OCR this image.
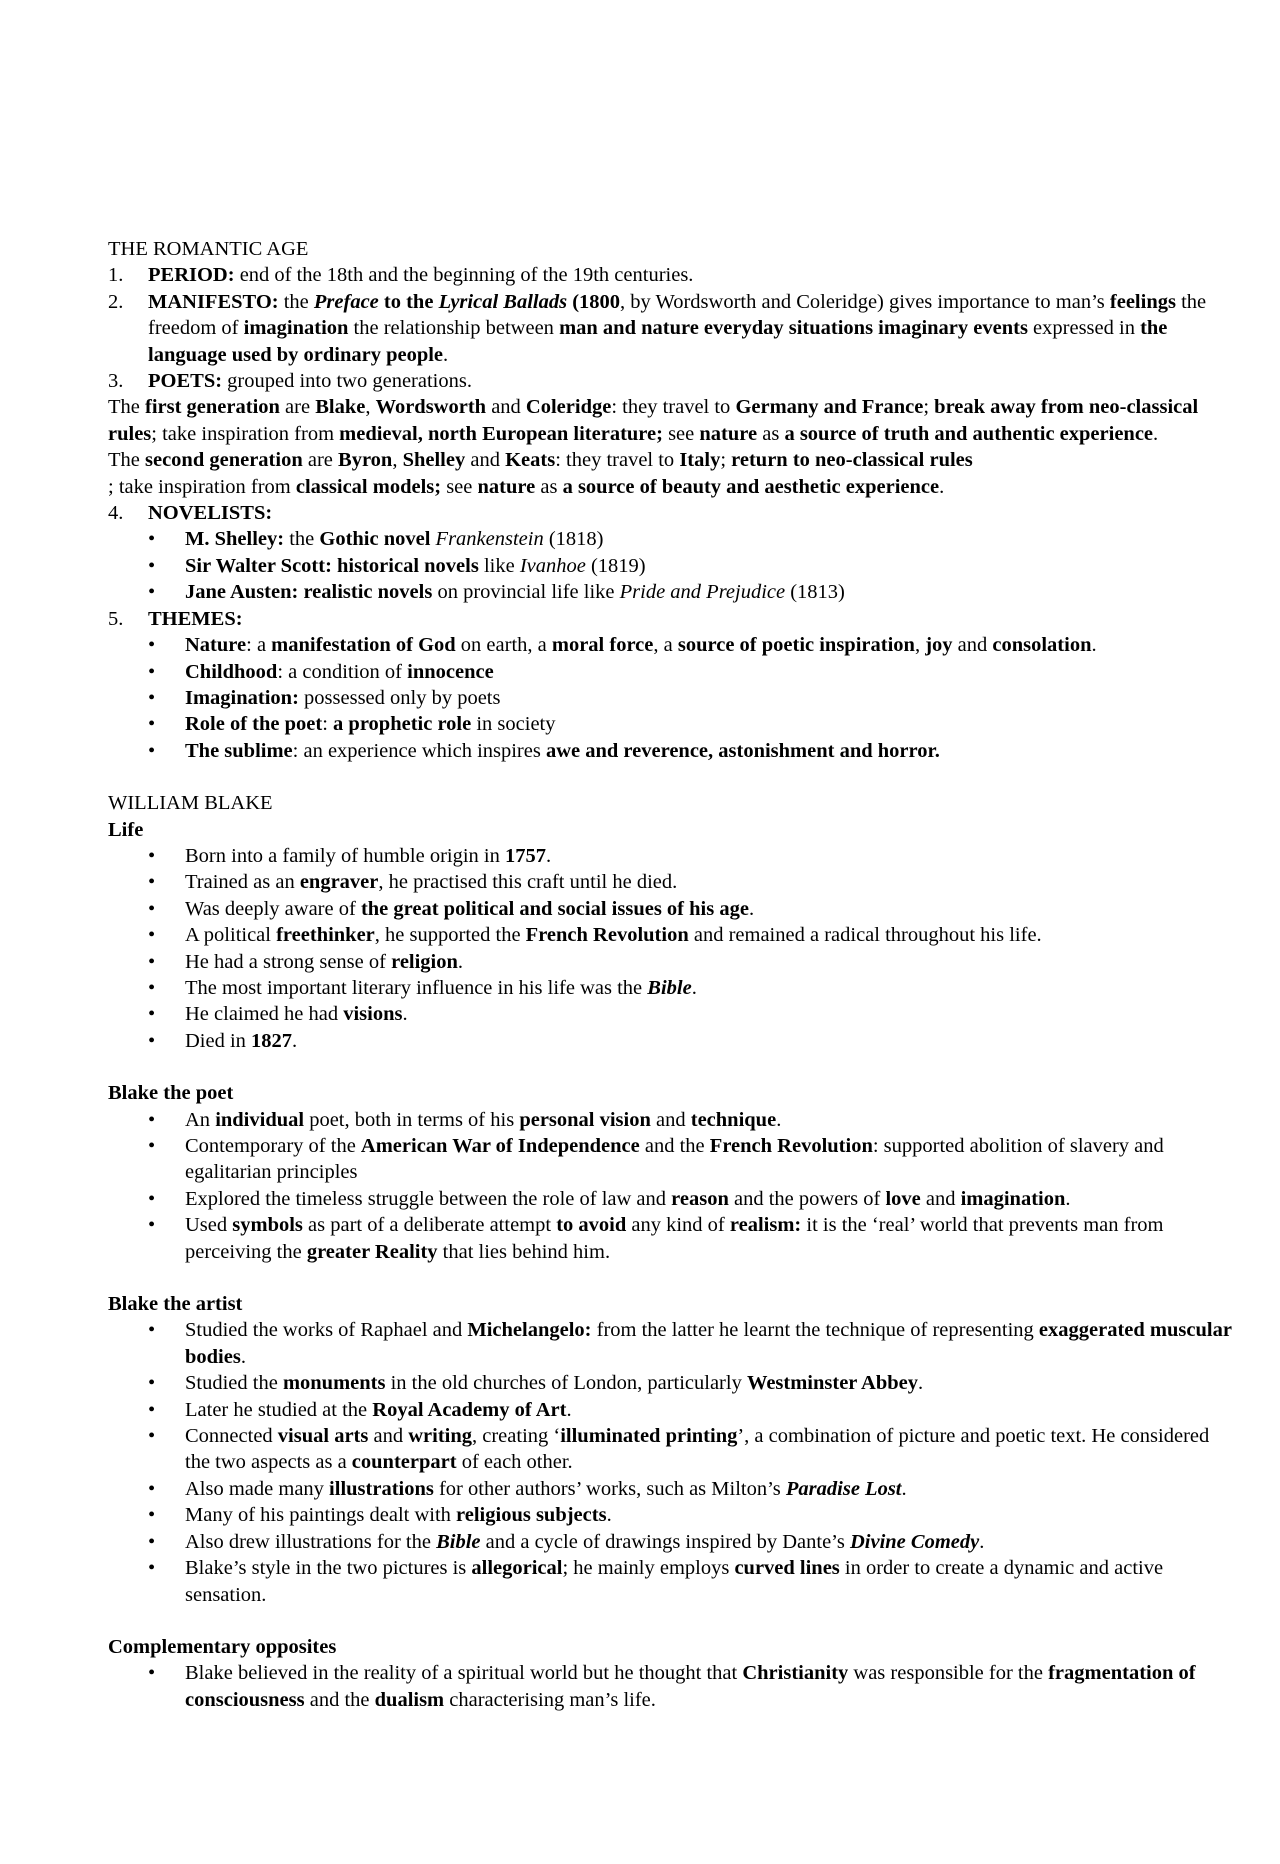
THE ROMANTIC AGE

1.	PERIOD: end of the 18th and the beginning of the 19th centuries.

2.	MANIFESTO: the Preface to the Lyrical Ballads (1800, by Wordsworth and Coleridge) gives importance to man’s feelings the freedom of imagination the relationship between man and nature everyday situations imaginary events expressed in the language used by ordinary people.

3.	POETS: grouped into two generations.

The first generation are Blake, Wordsworth and Coleridge: they travel to Germany and France; break away from neo-classical rules; take inspiration from medieval, north European literature; see nature as a source of truth and authentic experience.

The second generation are Byron, Shelley and Keats: they travel to Italy; return to neo-classical rules
; take inspiration from classical models; see nature as a source of beauty and aesthetic experience.

4.	NOVELISTS:

• M. Shelley: the Gothic novel Frankenstein (1818)

• Sir Walter Scott: historical novels like Ivanhoe (1819)

• Jane Austen: realistic novels on provincial life like Pride and Prejudice (1813)

5.	THEMES:

• Nature: a manifestation of God on earth, a moral force, a source of poetic inspiration, joy and consolation.

• Childhood: a condition of innocence

• Imagination: possessed only by poets

• Role of the poet: a prophetic role in society

• The sublime: an experience which inspires awe and reverence, astonishment and horror.

WILLIAM BLAKE

Life

• Born into a family of humble origin in 1757.

• Trained as an engraver, he practised this craft until he died.

• Was deeply aware of the great political and social issues of his age.

• A political freethinker, he supported the French Revolution and remained a radical throughout his life.

• He had a strong sense of religion.

• The most important literary influence in his life was the Bible.

• He claimed he had visions.

• Died in 1827.

Blake the poet

• An individual poet, both in terms of his personal vision and technique.

• Contemporary of the American War of Independence and the French Revolution: supported abolition of slavery and egalitarian principles

• Explored the timeless struggle between the role of law and reason and the powers of love and imagination.

• Used symbols as part of a deliberate attempt to avoid any kind of realism: it is the ‘real’ world that prevents man from perceiving the greater Reality that lies behind him.

Blake the artist

• Studied the works of Raphael and Michelangelo: from the latter he learnt the technique of representing exaggerated muscular bodies.

• Studied the monuments in the old churches of London, particularly Westminster Abbey.

• Later he studied at the Royal Academy of Art.

• Connected visual arts and writing, creating ‘illuminated printing’, a combination of picture and poetic text. He considered the two aspects as a counterpart of each other.

• Also made many illustrations for other authors’ works, such as Milton’s Paradise Lost.

• Many of his paintings dealt with religious subjects.

• Also drew illustrations for the Bible and a cycle of drawings inspired by Dante’s Divine Comedy.

• Blake’s style in the two pictures is allegorical; he mainly employs curved lines in order to create a dynamic and active sensation.

Complementary opposites

• Blake believed in the reality of a spiritual world but he thought that Christianity was responsible for the fragmentation of consciousness and the dualism characterising man’s life.
